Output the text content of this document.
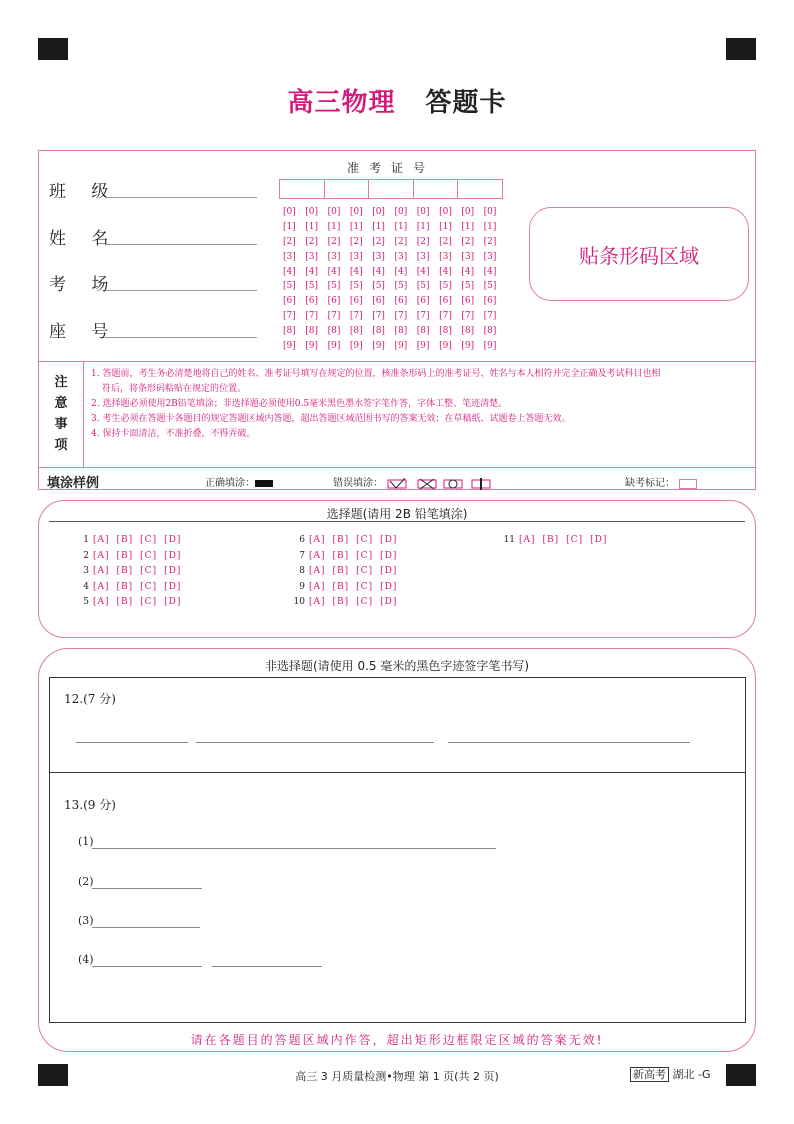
高三物理 答题卡
班 级
姓 名
考 场
座 号
准考证号
[0]	[0]	[0]	[0]	[0]	[0]	[0]	[0]	[0]	[0]
[1]	[1]	[1]	[1]	[1]	[1]	[1]	[1]	[1]	[1]
[2]	[2]	[2]	[2]	[2]	[2]	[2]	[2]	[2]	[2]
[3]	[3]	[3]	[3]	[3]	[3]	[3]	[3]	[3]	[3]
[4]	[4]	[4]	[4]	[4]	[4]	[4]	[4]	[4]	[4]
[5]	[5]	[5]	[5]	[5]	[5]	[5]	[5]	[5]	[5]
[6]	[6]	[6]	[6]	[6]	[6]	[6]	[6]	[6]	[6]
[7]	[7]	[7]	[7]	[7]	[7]	[7]	[7]	[7]	[7]
[8]	[8]	[8]	[8]	[8]	[8]	[8]	[8]	[8]	[8]
[9]	[9]	[9]	[9]	[9]	[9]	[9]	[9]	[9]	[9]
贴条形码区域
注
意
事
项

1. 答题前，考生务必清楚地将自己的姓名、准考证号填写在规定的位置，核准条形码上的准考证号、姓名与本人相符并完全正确及考试科目也相

符后，将条形码粘贴在规定的位置。

2. 选择题必须使用2B铅笔填涂；非选择题必须使用0.5毫米黑色墨水签字笔作答，字体工整、笔迹清楚。

3. 考生必须在答题卡各题目的规定答题区域内答题，超出答题区域范围书写的答案无效；在草稿纸、试题卷上答题无效。

4. 保持卡面清洁，不准折叠，不得弄破。

填涂样例	正确填涂：	错误填涂：	缺考标记：
选择题(请用 2B 铅笔填涂)
1 [A] [B] [C] [D]
2 [A] [B] [C] [D]
3 [A] [B] [C] [D]
4 [A] [B] [C] [D]
5 [A] [B] [C] [D]
6 [A] [B] [C] [D]
7 [A] [B] [C] [D]
8 [A] [B] [C] [D]
9 [A] [B] [C] [D]
10 [A] [B] [C] [D]
11 [A] [B] [C] [D]
非选择题(请使用 0.5 毫米的黑色字迹签字笔书写)
12.(7 分)
13.(9 分)
(1)
(2)
(3)
(4)
请在各题目的答题区域内作答，超出矩形边框限定区域的答案无效!
高三 3 月质量检测•物理 第 1 页(共 2 页)	新高考 湖北 -G
